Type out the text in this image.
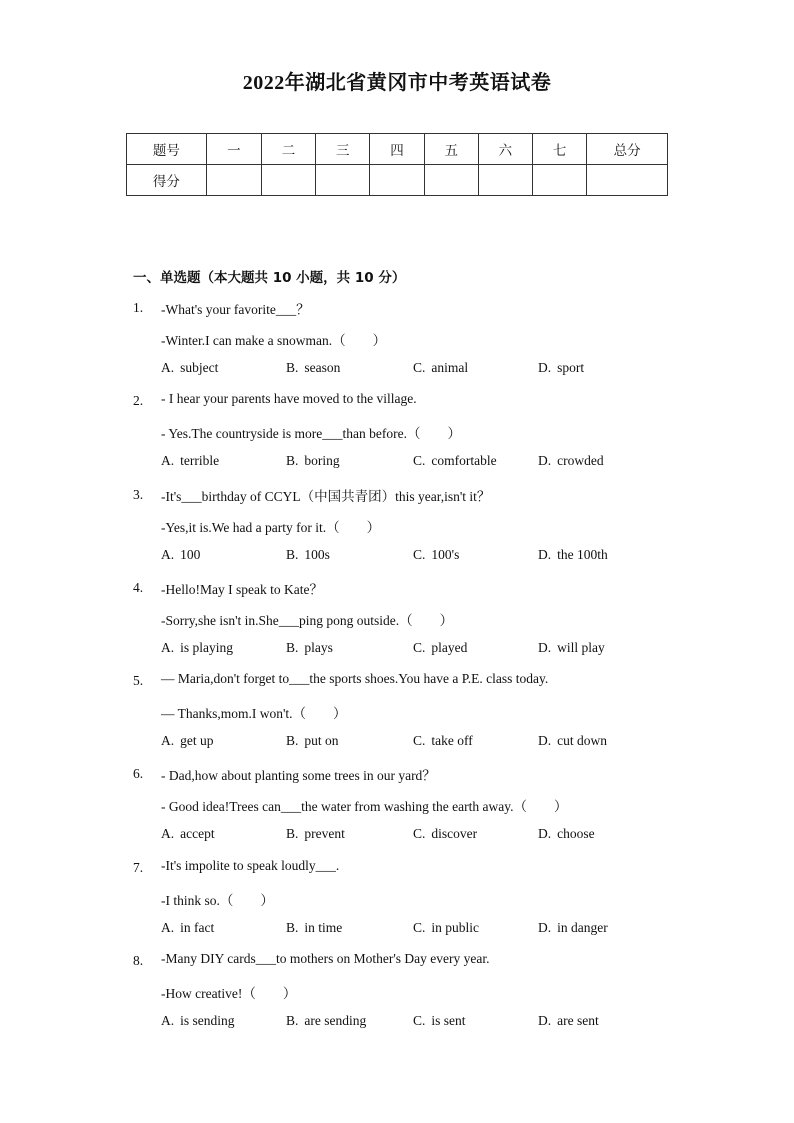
2022年湖北省黄冈市中考英语试卷
题号	一	二	三	四	五	六	七	总分
得分								
一、单选题（本大题共 10 小题，共 10 分）
1. -What's your favorite___？
-Winter.I can make a snowman.（　　）
A. subject	B. season	C. animal	D. sport
2. - I hear your parents have moved to the village.
- Yes.The countryside is more___than before.（　　）
A. terrible	B. boring	C. comfortable	D. crowded
3. -It's___birthday of CCYL（中国共青团）this year,isn't it？
-Yes,it is.We had a party for it.（　　）
A. 100	B. 100s	C. 100's	D. the 100th
4. -Hello!May I speak to Kate？
-Sorry,she isn't in.She___ping pong outside.（　　）
A. is playing	B. plays	C. played	D. will play
5. — Maria,don't forget to___the sports shoes.You have a P.E. class today.
— Thanks,mom.I won't.（　　）
A. get up	B. put on	C. take off	D. cut down
6. - Dad,how about planting some trees in our yard？
- Good idea!Trees can___the water from washing the earth away.（　　）
A. accept	B. prevent	C. discover	D. choose
7. -It's impolite to speak loudly___.
-I think so.（　　）
A. in fact	B. in time	C. in public	D. in danger
8. -Many DIY cards___to mothers on Mother's Day every year.
-How creative!（　　）
A. is sending	B. are sending	C. is sent	D. are sent
